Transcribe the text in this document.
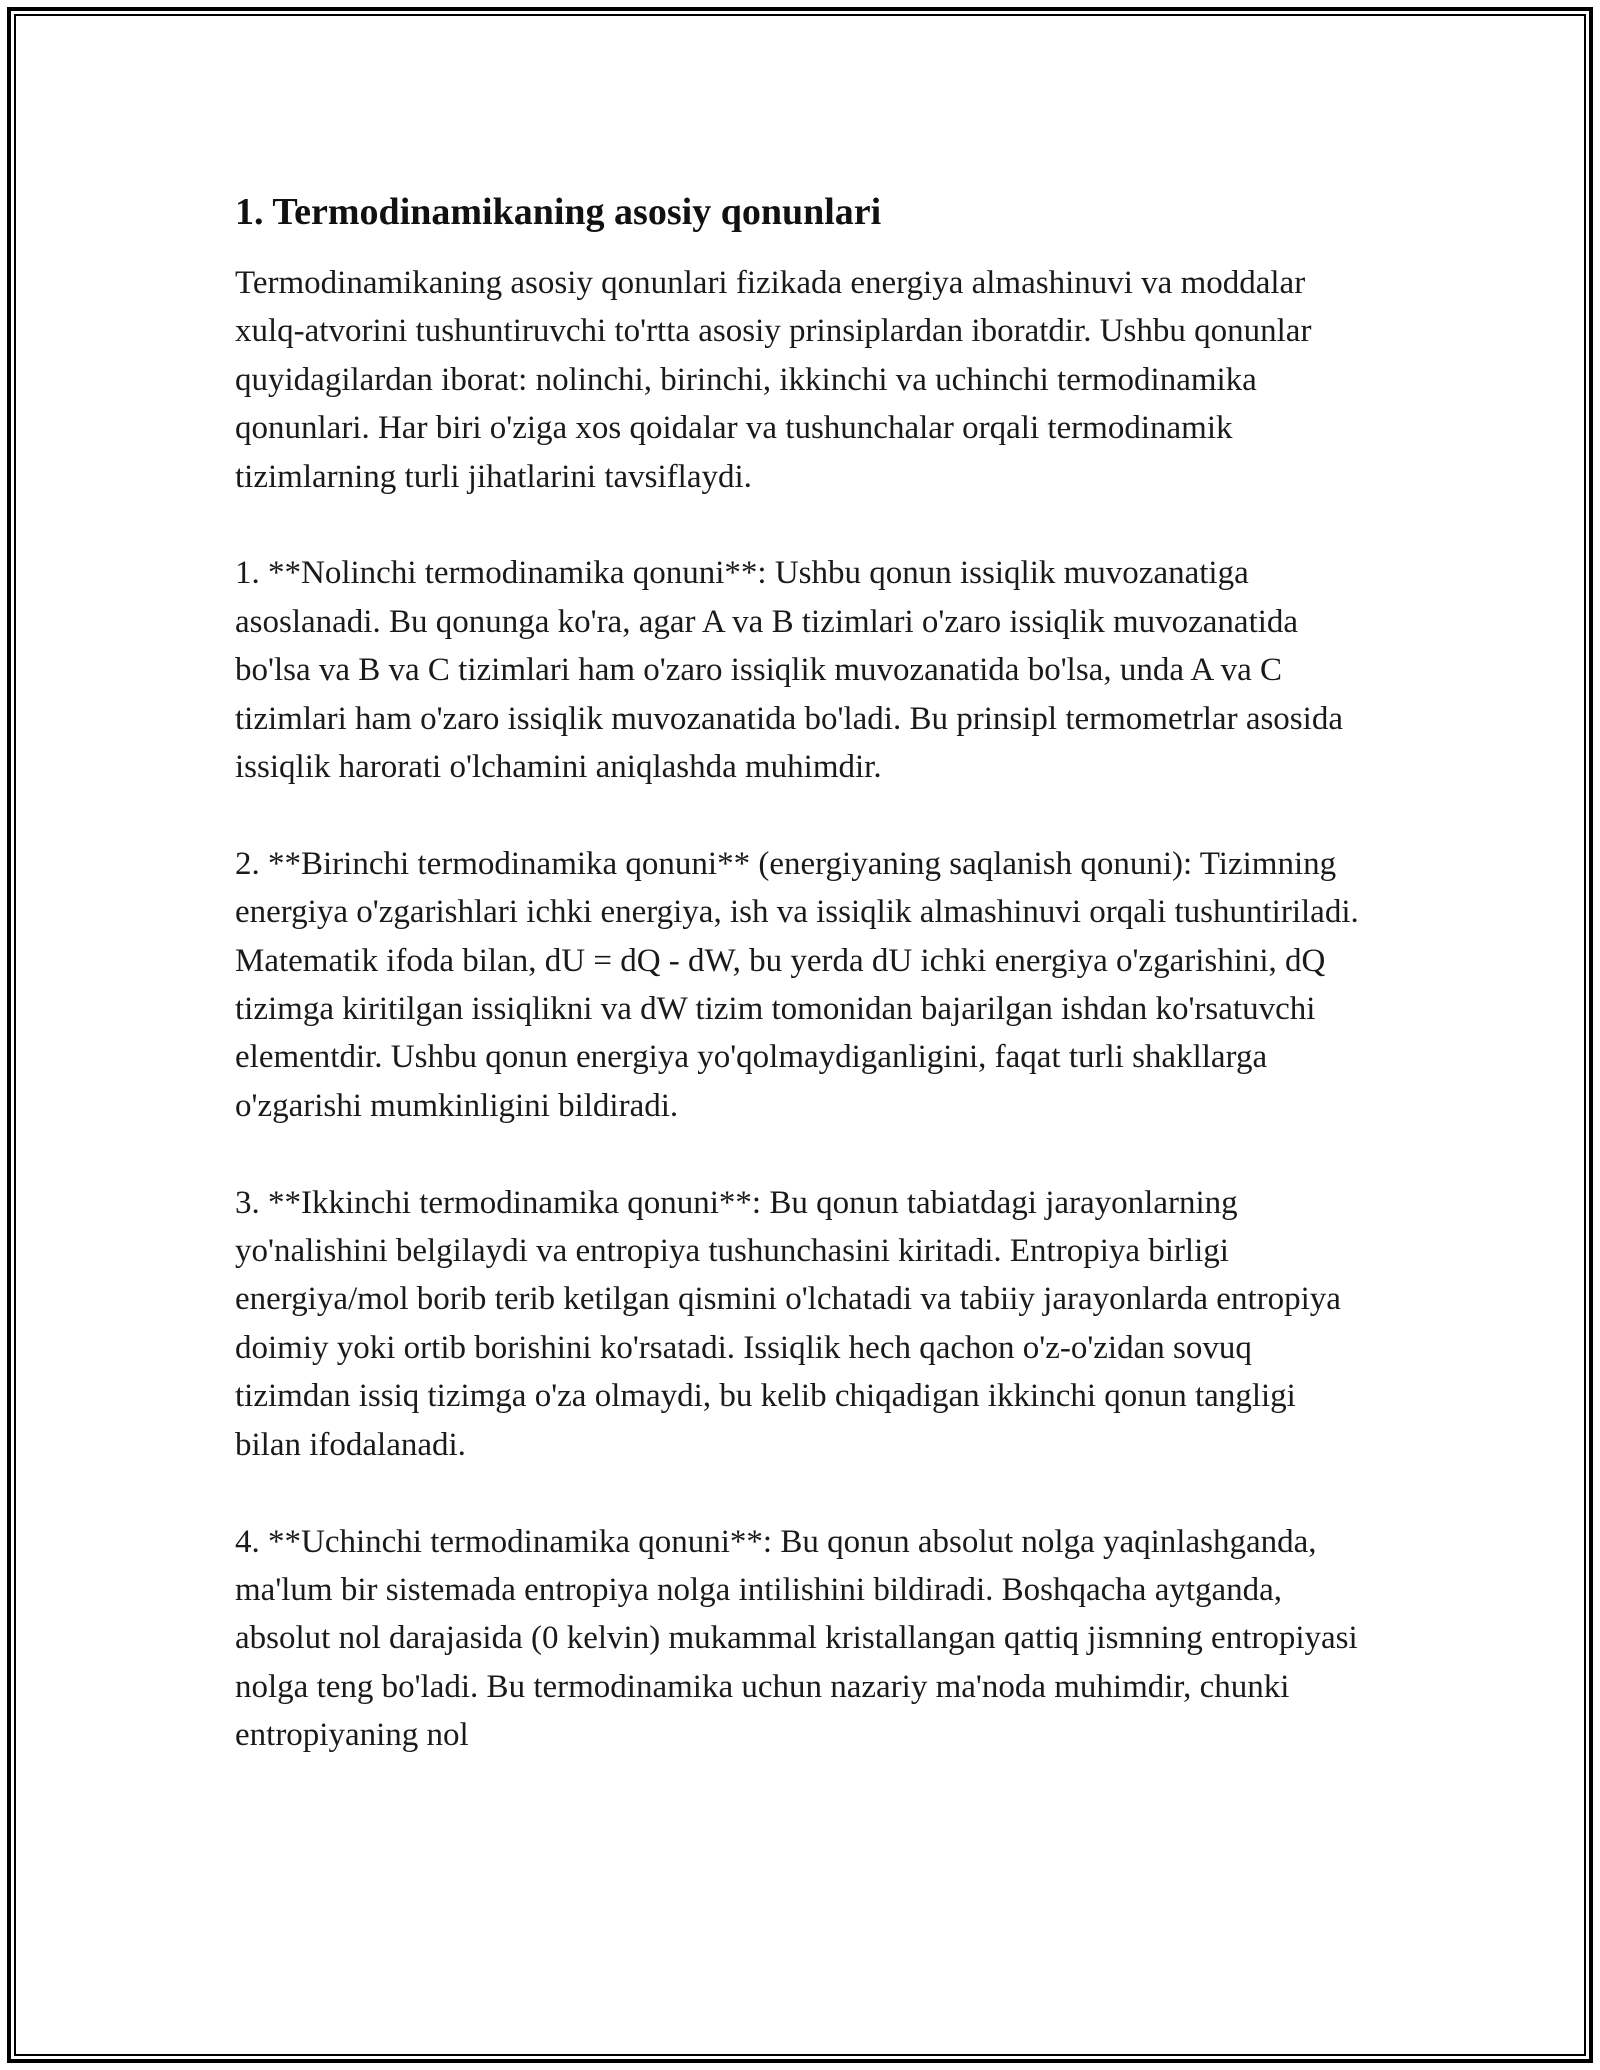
1. Termodinamikaning asosiy qonunlari

Termodinamikaning asosiy qonunlari fizikada energiya almashinuvi va moddalar xulq-atvorini tushuntiruvchi to'rtta asosiy prinsiplardan iboratdir. Ushbu qonunlar quyidagilardan iborat: nolinchi, birinchi, ikkinchi va uchinchi termodinamika qonunlari. Har biri o'ziga xos qoidalar va tushunchalar orqali termodinamik tizimlarning turli jihatlarini tavsiflaydi.

1. **Nolinchi termodinamika qonuni**: Ushbu qonun issiqlik muvozanatiga asoslanadi. Bu qonunga ko'ra, agar A va B tizimlari o'zaro issiqlik muvozanatida bo'lsa va B va C tizimlari ham o'zaro issiqlik muvozanatida bo'lsa, unda A va C tizimlari ham o'zaro issiqlik muvozanatida bo'ladi. Bu prinsipl termometrlar asosida issiqlik harorati o'lchamini aniqlashda muhimdir.

2. **Birinchi termodinamika qonuni** (energiyaning saqlanish qonuni): Tizimning energiya o'zgarishlari ichki energiya, ish va issiqlik almashinuvi orqali tushuntiriladi. Matematik ifoda bilan, dU = dQ - dW, bu yerda dU ichki energiya o'zgarishini, dQ tizimga kiritilgan issiqlikni va dW tizim tomonidan bajarilgan ishdan ko'rsatuvchi elementdir. Ushbu qonun energiya yo'qolmaydiganligini, faqat turli shakllarga o'zgarishi mumkinligini bildiradi.

3. **Ikkinchi termodinamika qonuni**: Bu qonun tabiatdagi jarayonlarning yo'nalishini belgilaydi va entropiya tushunchasini kiritadi. Entropiya birligi energiya/mol borib terib ketilgan qismini o'lchatadi va tabiiy jarayonlarda entropiya doimiy yoki ortib borishini ko'rsatadi. Issiqlik hech qachon o'z-o'zidan sovuq tizimdan issiq tizimga o'za olmaydi, bu kelib chiqadigan ikkinchi qonun tangligi bilan ifodalanadi.

4. **Uchinchi termodinamika qonuni**: Bu qonun absolut nolga yaqinlashganda, ma'lum bir sistemada entropiya nolga intilishini bildiradi. Boshqacha aytganda, absolut nol darajasida (0 kelvin) mukammal kristallangan qattiq jismning entropiyasi nolga teng bo'ladi. Bu termodinamika uchun nazariy ma'noda muhimdir, chunki entropiyaning nol
